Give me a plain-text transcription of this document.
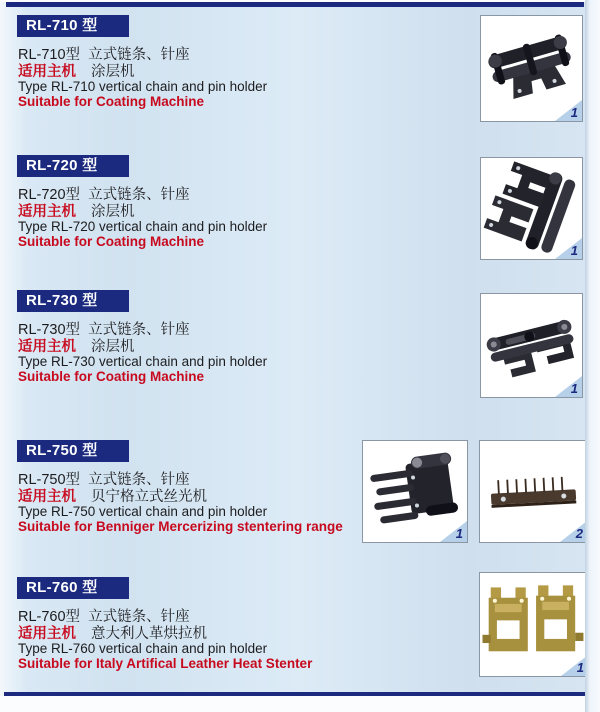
RL-710 型
RL-710型  立式链条、针座
适用主机 涂层机
Type RL-710 vertical chain and pin holder
Suitable for Coating Machine
RL-720 型
RL-720型  立式链条、针座
适用主机 涂层机
Type RL-720 vertical chain and pin holder
Suitable for Coating Machine
RL-730 型
RL-730型  立式链条、针座
适用主机 涂层机
Type RL-730 vertical chain and pin holder
Suitable for Coating Machine
RL-750 型
RL-750型  立式链条、针座
适用主机 贝宁格立式丝光机
Type RL-750 vertical chain and pin holder
Suitable for Benniger Mercerizing stentering range
RL-760 型
RL-760型  立式链条、针座
适用主机 意大利人革烘拉机
Type RL-760 vertical chain and pin holder
Suitable for Italy Artifical Leather Heat Stenter
1
1
1
1	2
1
